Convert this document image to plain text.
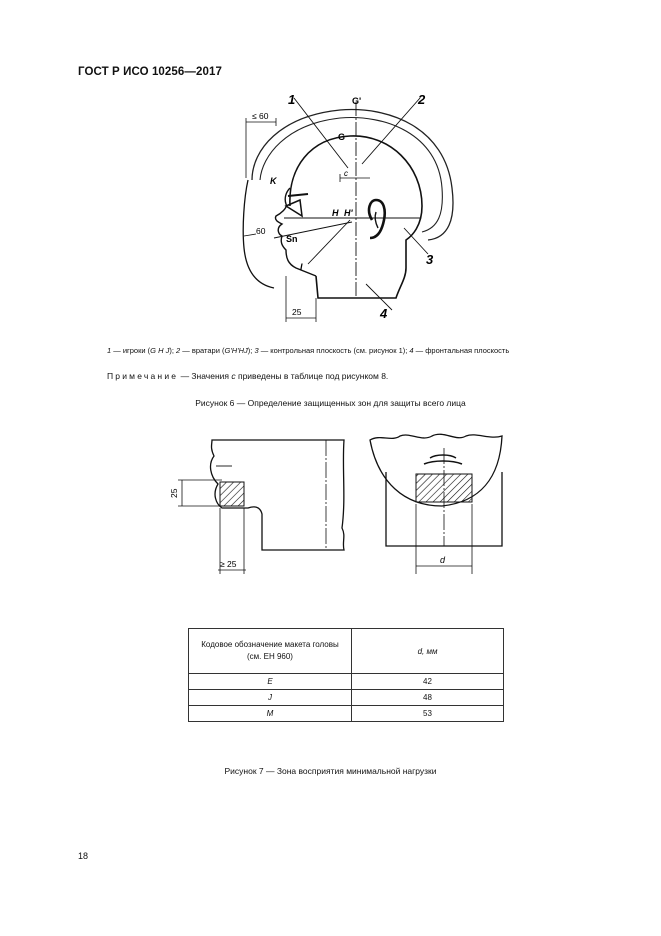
ГОСТ Р ИСО 10256—2017
1	2
3
4
G'
G
c
K
H H'
Sn
I
≤ 60
60
25
1 — игроки (G H J); 2 — вратари (G'H'HJ); 3 — контрольная плоскость (см. рисунок 1); 4 — фронтальная плоскость
Примечание — Значения c приведены в таблице под рисунком 8.
Рисунок 6 — Определение защищенных зон для защиты всего лица
25
≥ 25	d
Кодовое обозначение макета головы (см. ЕН 960)	d, мм
E	42
J	48
M	53
Рисунок 7 — Зона восприятия минимальной нагрузки
18
